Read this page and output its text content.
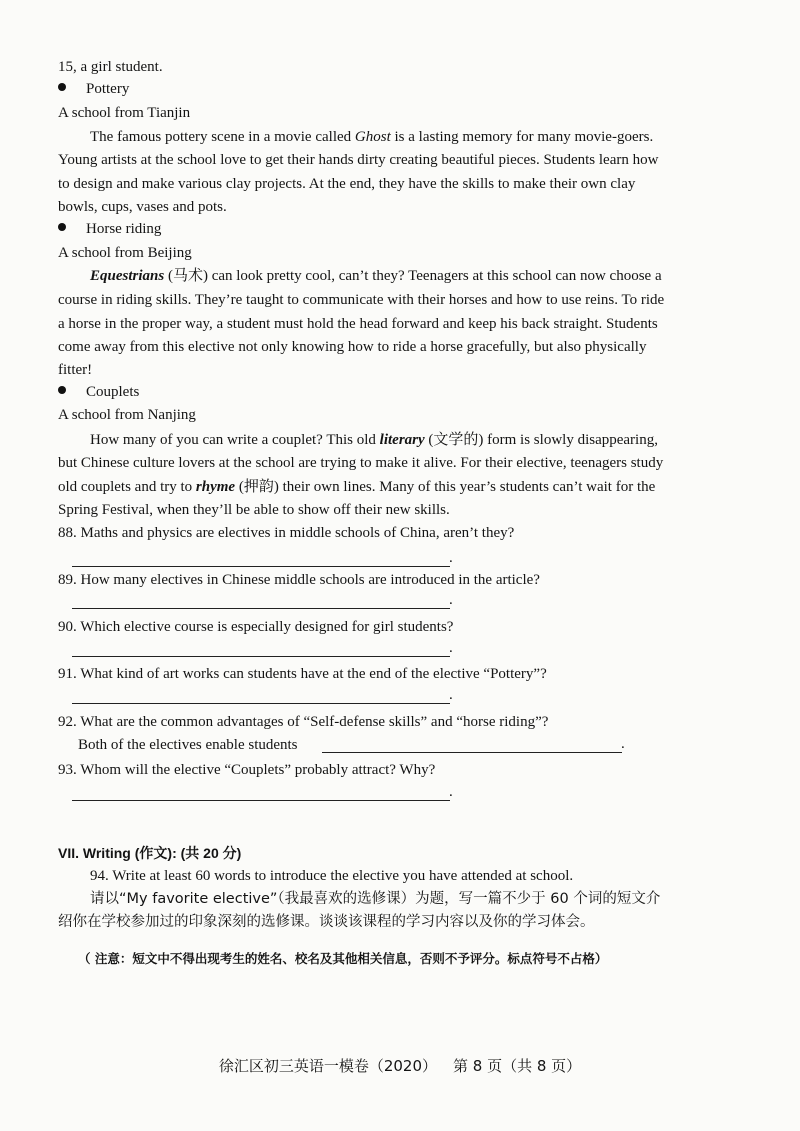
15, a girl student.
Pottery
A school from Tianjin
The famous pottery scene in a movie called Ghost is a lasting memory for many movie-goers.
Young artists at the school love to get their hands dirty creating beautiful pieces. Students learn how
to design and make various clay projects. At the end, they have the skills to make their own clay
bowls, cups, vases and pots.
Horse riding
A school from Beijing
Equestrians (马术) can look pretty cool, can’t they? Teenagers at this school can now choose a
course in riding skills. They’re taught to communicate with their horses and how to use reins. To ride
a horse in the proper way, a student must hold the head forward and keep his back straight. Students
come away from this elective not only knowing how to ride a horse gracefully, but also physically
fitter!
Couplets
A school from Nanjing
How many of you can write a couplet? This old literary (文学的) form is slowly disappearing,
but Chinese culture lovers at the school are trying to make it alive. For their elective, teenagers study
old couplets and try to rhyme (押韵) their own lines. Many of this year’s students can’t wait for the
Spring Festival, when they’ll be able to show off their new skills.
88. Maths and physics are electives in middle schools of China, aren’t they?
.
89. How many electives in Chinese middle schools are introduced in the article?
.
90. Which elective course is especially designed for girl students?
.
91. What kind of art works can students have at the end of the elective “Pottery”?
.
92. What are the common advantages of “Self-defense skills” and “horse riding”?
Both of the electives enable students	.
93. Whom will the elective “Couplets” probably attract? Why?
.
VII. Writing (作文): (共 20 分)
94. Write at least 60 words to introduce the elective you have attended at school.
请以“My favorite elective”（我最喜欢的选修课）为题，写一篇不少于 60 个词的短文介
绍你在学校参加过的印象深刻的选修课。谈谈该课程的学习内容以及你的学习体会。
（ 注意：短文中不得出现考生的姓名、校名及其他相关信息，否则不予评分。标点符号不占格）
徐汇区初三英语一模卷（2020） 第 8 页（共 8 页）
